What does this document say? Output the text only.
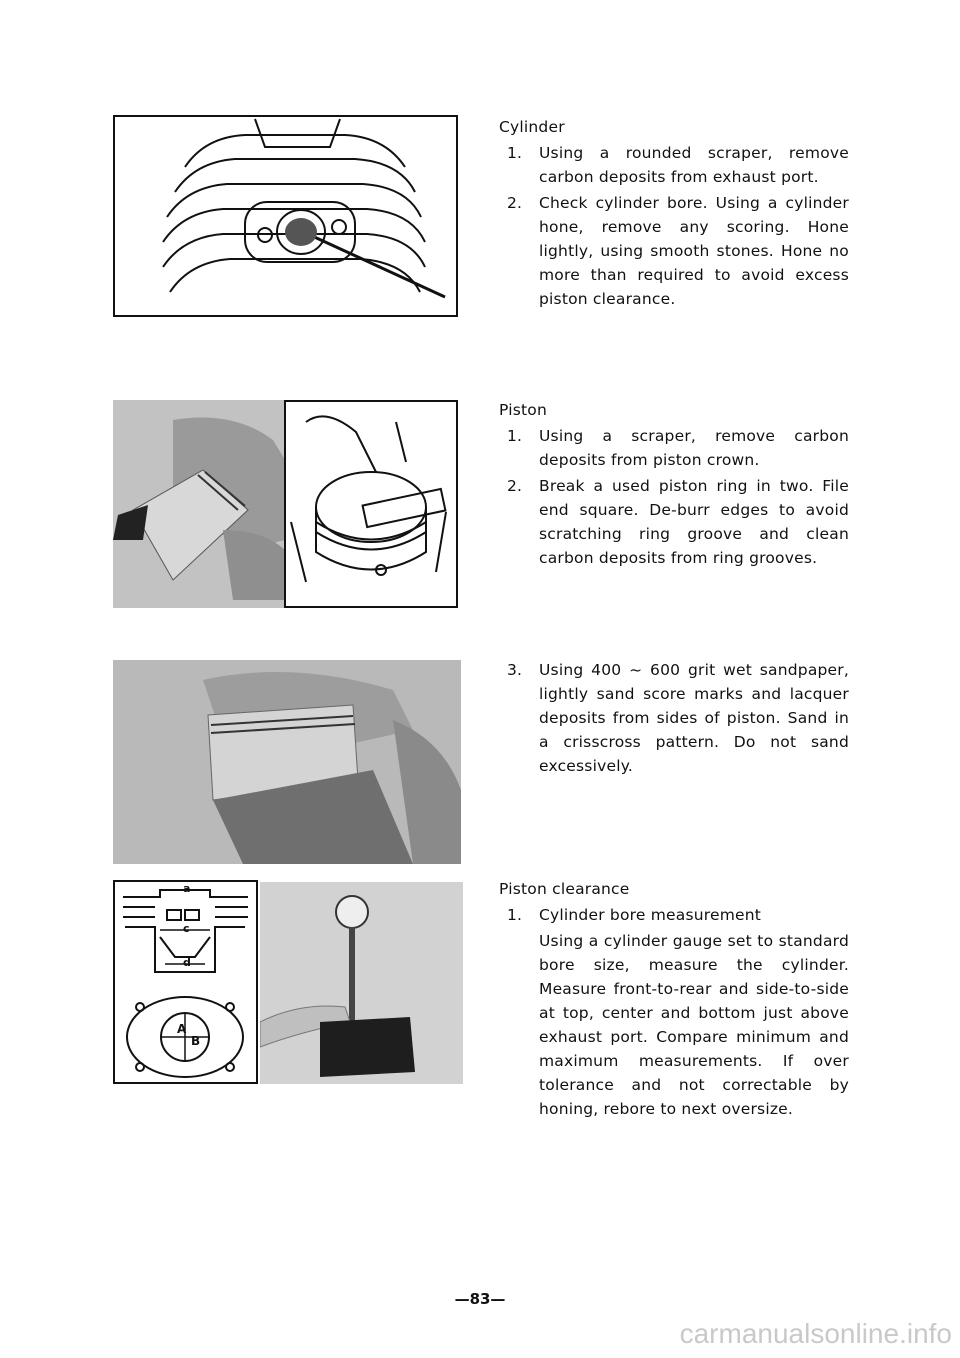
Cylinder
1. Using a rounded scraper, remove carbon deposits from exhaust port.
2. Check cylinder bore. Using a cylinder hone, remove any scoring. Hone lightly, using smooth stones. Hone no more than required to avoid excess piston clearance.
Piston
1. Using a scraper, remove carbon deposits from piston crown.
2. Break a used piston ring in two. File end square. De-burr edges to avoid scratching ring groove and clean carbon deposits from ring grooves.
3. Using 400 ~ 600 grit wet sandpaper, lightly sand score marks and lacquer deposits from sides of piston. Sand in a crisscross pattern. Do not sand excessively.
a
c
d
A
B
Piston clearance
1. Cylinder bore measurement
Using a cylinder gauge set to standard bore size, measure the cylinder. Measure front-to-rear and side-to-side at top, center and bottom just above exhaust port. Compare minimum and maximum measurements. If over tolerance and not correctable by honing, rebore to next oversize.
—83—
carmanualsonline.info
